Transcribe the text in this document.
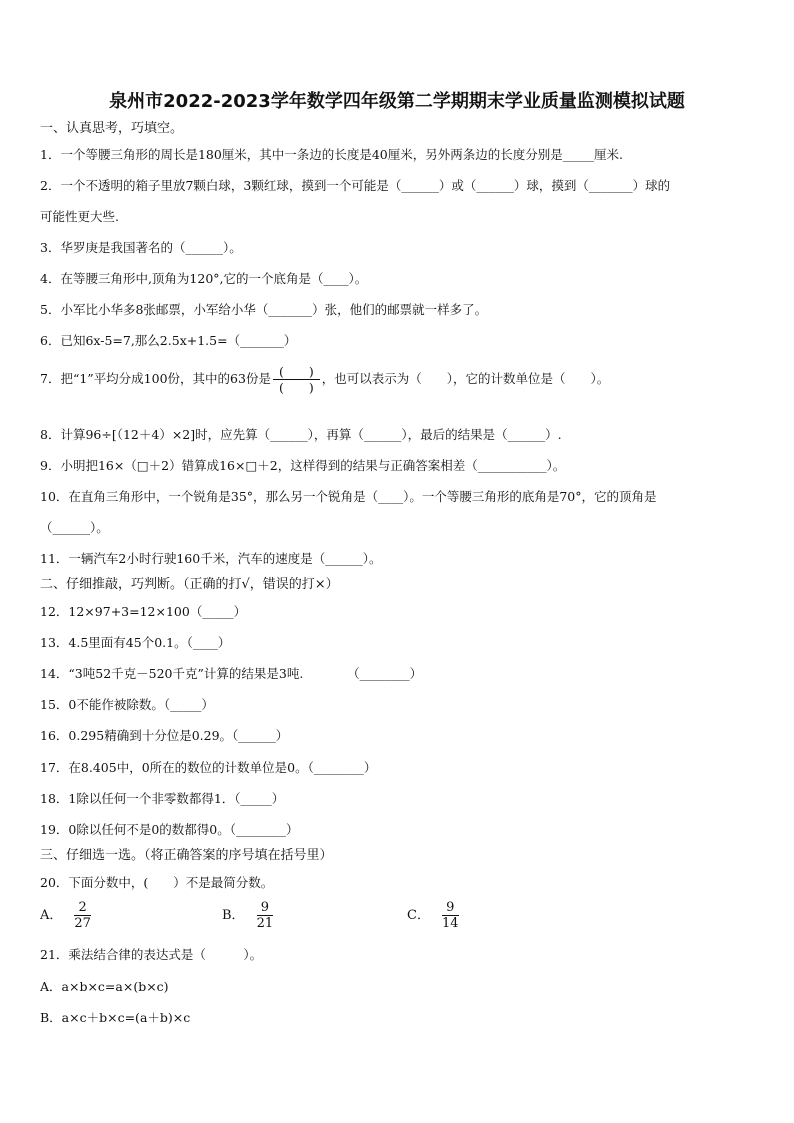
泉州市2022-2023学年数学四年级第二学期期末学业质量监测模拟试题
一、认真思考，巧填空。
1．一个等腰三角形的周长是180厘米，其中一条边的长度是40厘米，另外两条边的长度分别是_____厘米.
2．一个不透明的箱子里放7颗白球，3颗红球，摸到一个可能是（______）或（______）球，摸到（_______）球的
可能性更大些.
3．华罗庚是我国著名的（______）。
4．在等腰三角形中,顶角为120°,它的一个底角是（____）。
5．小军比小华多8张邮票，小军给小华（_______）张，他们的邮票就一样多了。
6．已知6x-5=7,那么2.5x+1.5=（_______）
7．把“1”平均分成100份，其中的63份是 $\frac{( )}{( )}$ ，也可以表示为（　　），它的计数单位是（　　）。
8．计算96÷[（12＋4）×2]时，应先算（______），再算（______），最后的结果是（______）.
9．小明把16×（□＋2）错算成16×□＋2，这样得到的结果与正确答案相差（___________）。
10．在直角三角形中，一个锐角是35°，那么另一个锐角是（____）。一个等腰三角形的底角是70°，它的顶角是
（______）。
11．一辆汽车2小时行驶160千米，汽车的速度是（______）。
二、仔细推敲，巧判断。（正确的打√，错误的打×）
12．12×97+3=12×100（_____）
13．4.5里面有45个0.1。（____）
14．“3吨52千克－520千克”计算的结果是3吨.　　　　（________）
15．0不能作被除数。（_____）
16．0.295精确到十分位是0.29。（______）
17．在8.405中，0所在的数位的计数单位是0。（________）
18．1除以任何一个非零数都得1．（_____）
19．0除以任何不是0的数都得0。（________）
三、仔细选一选。（将正确答案的序号填在括号里）
20．下面分数中，(　　）不是最简分数。
A． $\frac{2}{27}$	B． $\frac{9}{21}$	C． $\frac{9}{14}$
21．乘法结合律的表达式是（　　　）。
A．a×b×c=a×(b×c)
B．a×c＋b×c=(a＋b)×c
